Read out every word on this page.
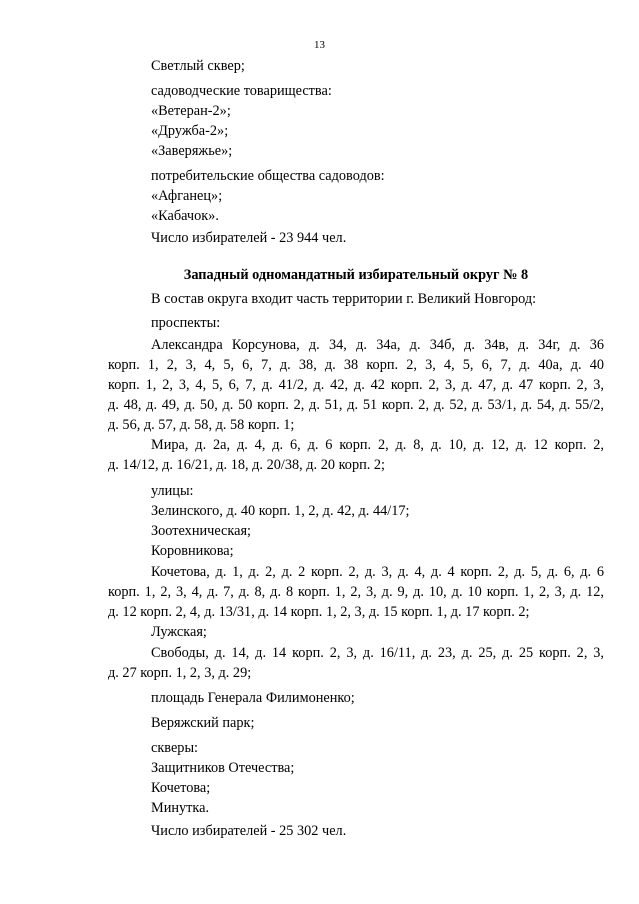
13
Светлый сквер;
садоводческие товарищества:
«Ветеран-2»;
«Дружба-2»;
«Заверяжье»;
потребительские общества садоводов:
«Афганец»;
«Кабачок».
Число избирателей - 23 944 чел.
Западный одномандатный избирательный округ № 8
В состав округа входит часть территории г. Великий Новгород:
проспекты:
Александра Корсунова, д. 34, д. 34а, д. 34б, д. 34в, д. 34г, д. 36
корп. 1, 2, 3, 4, 5, 6, 7, д. 38, д. 38 корп. 2, 3, 4, 5, 6, 7, д. 40а, д. 40
корп. 1, 2, 3, 4, 5, 6, 7, д. 41/2, д. 42, д. 42 корп. 2, 3, д. 47, д. 47 корп. 2, 3,
д. 48, д. 49, д. 50, д. 50 корп. 2, д. 51, д. 51 корп. 2, д. 52, д. 53/1, д. 54, д. 55/2,
д. 56, д. 57, д. 58, д. 58 корп. 1;
Мира, д. 2а, д. 4, д. 6, д. 6 корп. 2, д. 8, д. 10, д. 12, д. 12 корп. 2,
д. 14/12, д. 16/21, д. 18, д. 20/38, д. 20 корп. 2;
улицы:
Зелинского, д. 40 корп. 1, 2, д. 42, д. 44/17;
Зоотехническая;
Коровникова;
Кочетова, д. 1, д. 2, д. 2 корп. 2, д. 3, д. 4, д. 4 корп. 2, д. 5, д. 6, д. 6
корп. 1, 2, 3, 4, д. 7, д. 8, д. 8 корп. 1, 2, 3, д. 9, д. 10, д. 10 корп. 1, 2, 3, д. 12,
д. 12 корп. 2, 4, д. 13/31, д. 14 корп. 1, 2, 3, д. 15 корп. 1, д. 17 корп. 2;
Лужская;
Свободы, д. 14, д. 14 корп. 2, 3, д. 16/11, д. 23, д. 25, д. 25 корп. 2, 3,
д. 27 корп. 1, 2, 3, д. 29;
площадь Генерала Филимоненко;
Веряжский парк;
скверы:
Защитников Отечества;
Кочетова;
Минутка.
Число избирателей - 25 302 чел.
